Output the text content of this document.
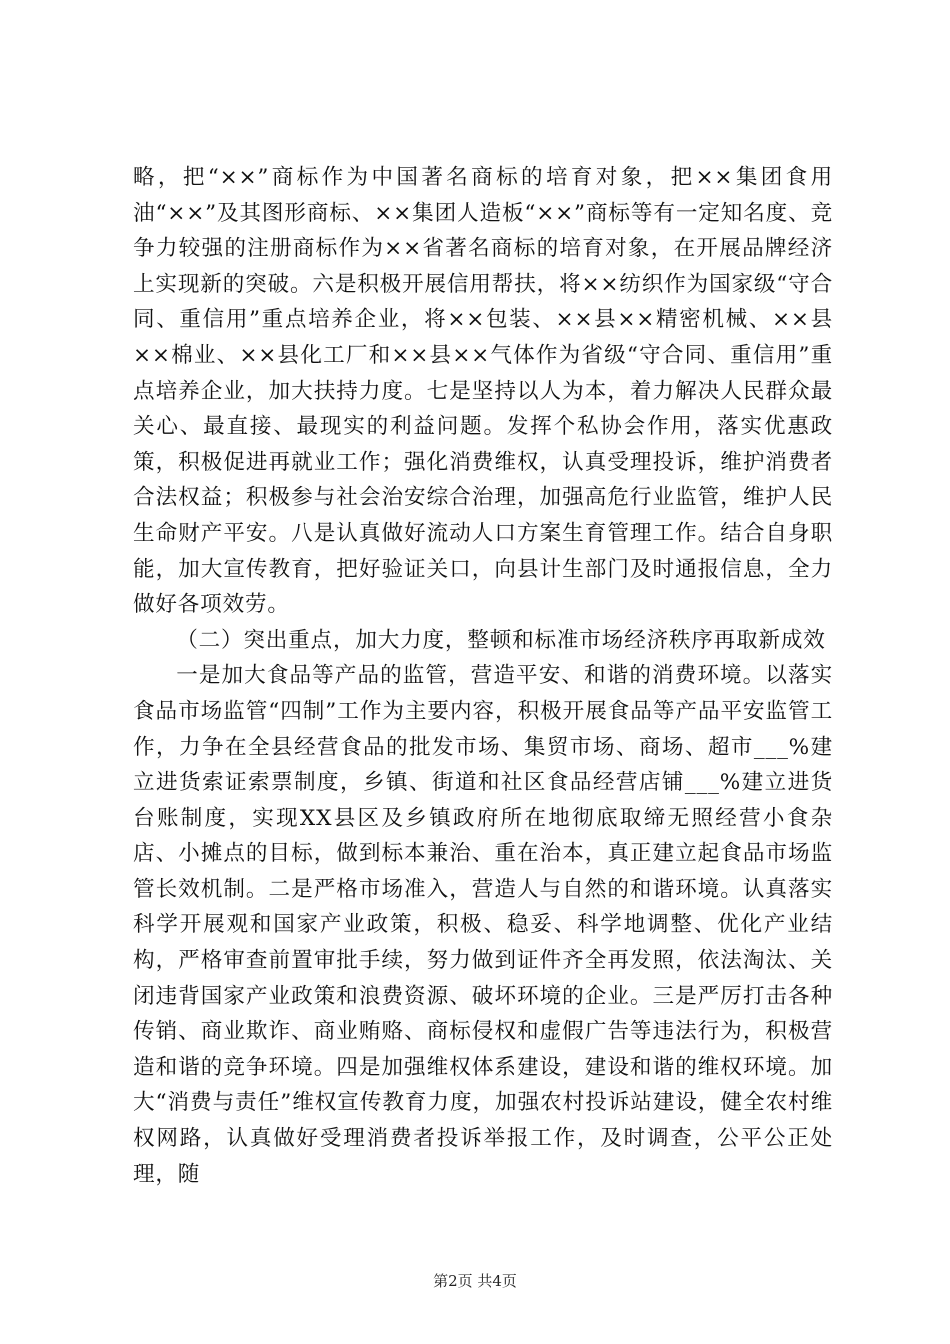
略，把“××”商标作为中国著名商标的培育对象，把××集团食用油“××”及其图形商标、××集团人造板“××”商标等有一定知名度、竞争力较强的注册商标作为××省著名商标的培育对象，在开展品牌经济上实现新的突破。六是积极开展信用帮扶，将××纺织作为国家级“守合同、重信用”重点培养企业，将××包装、××县××精密机械、××县××棉业、××县化工厂和××县××气体作为省级“守合同、重信用”重点培养企业，加大扶持力度。七是坚持以人为本，着力解决人民群众最关心、最直接、最现实的利益问题。发挥个私协会作用，落实优惠政策，积极促进再就业工作；强化消费维权，认真受理投诉，维护消费者合法权益；积极参与社会治安综合治理，加强高危行业监管，维护人民生命财产平安。八是认真做好流动人口方案生育管理工作。结合自身职能，加大宣传教育，把好验证关口，向县计生部门及时通报信息，全力做好各项效劳。

（二）突出重点，加大力度，整顿和标准市场经济秩序再取新成效

一是加大食品等产品的监管，营造平安、和谐的消费环境。以落实食品市场监管“四制”工作为主要内容，积极开展食品等产品平安监管工作，力争在全县经营食品的批发市场、集贸市场、商场、超市___%建立进货索证索票制度，乡镇、街道和社区食品经营店铺___%建立进货台账制度，实现XX县区及乡镇政府所在地彻底取缔无照经营小食杂店、小摊点的目标，做到标本兼治、重在治本，真正建立起食品市场监管长效机制。二是严格市场准入，营造人与自然的和谐环境。认真落实科学开展观和国家产业政策，积极、稳妥、科学地调整、优化产业结构，严格审查前置审批手续，努力做到证件齐全再发照，依法淘汰、关闭违背国家产业政策和浪费资源、破坏环境的企业。三是严厉打击各种传销、商业欺诈、商业贿赂、商标侵权和虚假广告等违法行为，积极营造和谐的竞争环境。四是加强维权体系建设，建设和谐的维权环境。加大“消费与责任”维权宣传教育力度，加强农村投诉站建设，健全农村维权网路，认真做好受理消费者投诉举报工作，及时调查，公平公正处理，随

第2页 共4页
